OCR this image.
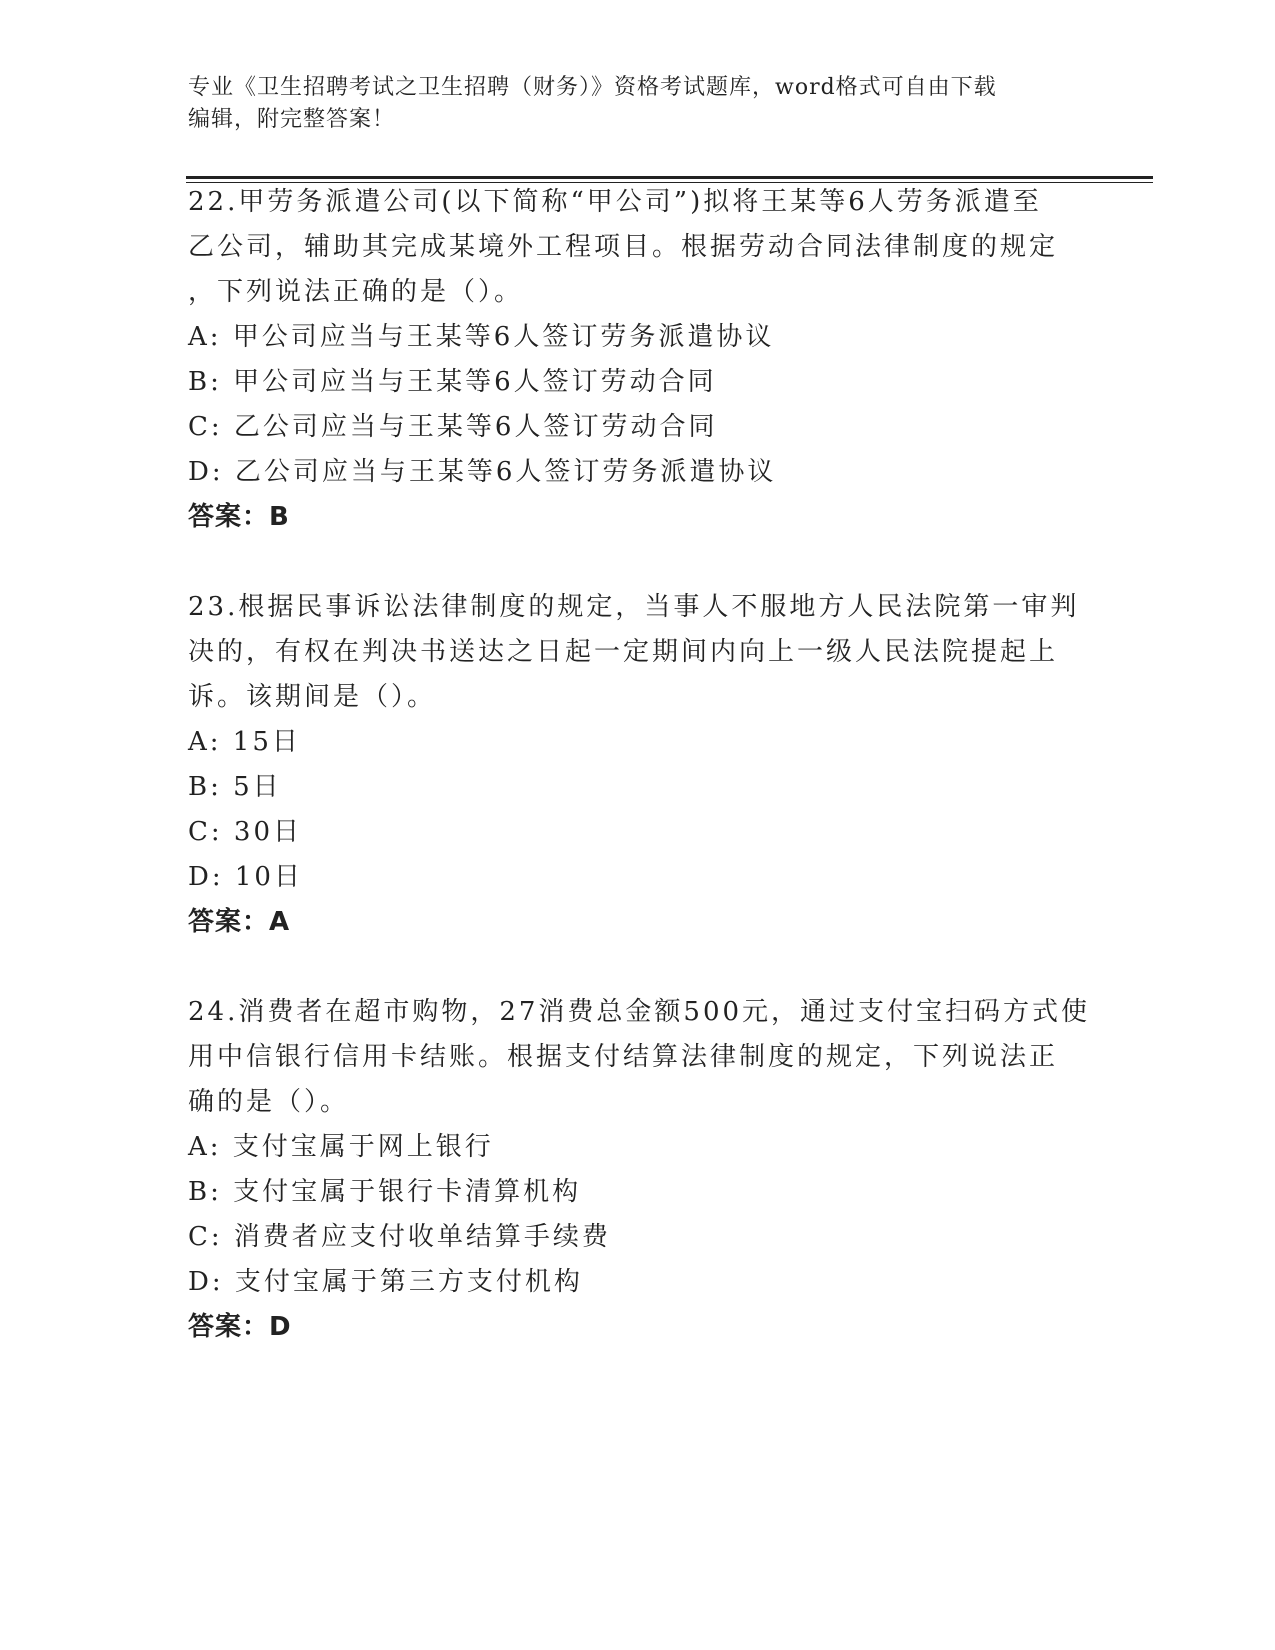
专业《卫生招聘考试之卫生招聘（财务）》资格考试题库，word格式可自由下载
编辑，附完整答案！
22.甲劳务派遣公司(以下简称“甲公司”)拟将王某等6人劳务派遣至
乙公司，辅助其完成某境外工程项目。根据劳动合同法律制度的规定
，下列说法正确的是（）。
A: 甲公司应当与王某等6人签订劳务派遣协议
B: 甲公司应当与王某等6人签订劳动合同
C: 乙公司应当与王某等6人签订劳动合同
D: 乙公司应当与王某等6人签订劳务派遣协议
答案：B
23.根据民事诉讼法律制度的规定，当事人不服地方人民法院第一审判
决的，有权在判决书送达之日起一定期间内向上一级人民法院提起上
诉。该期间是（）。
A: 15日
B: 5日
C: 30日
D: 10日
答案：A
24.消费者在超市购物，27消费总金额500元，通过支付宝扫码方式使
用中信银行信用卡结账。根据支付结算法律制度的规定，下列说法正
确的是（）。
A: 支付宝属于网上银行
B: 支付宝属于银行卡清算机构
C: 消费者应支付收单结算手续费
D: 支付宝属于第三方支付机构
答案：D
